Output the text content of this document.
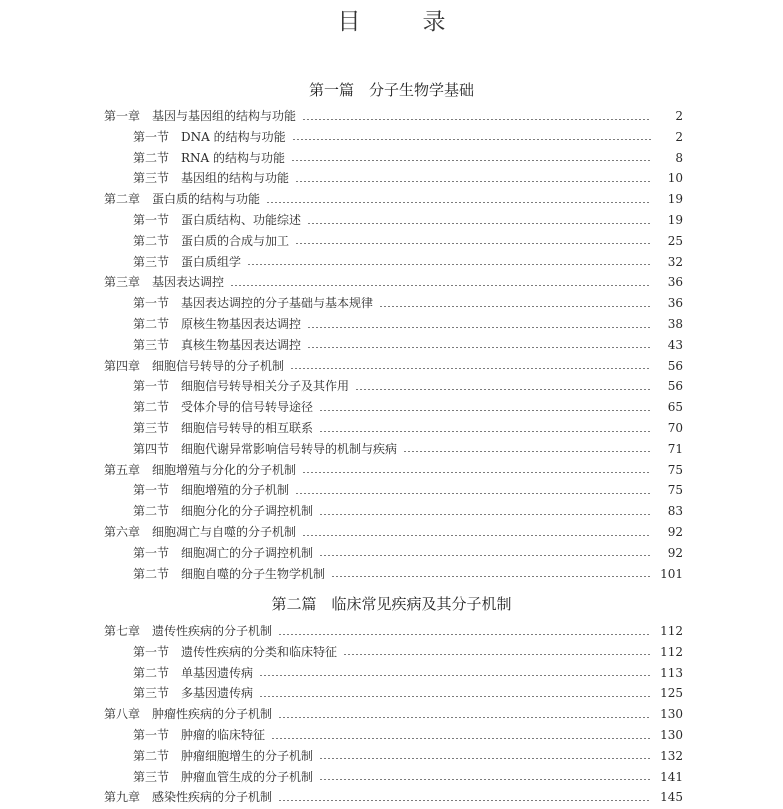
目	录
第一篇　分子生物学基础
第一章　基因与基因组的结构与功能	2
第一节　DNA 的结构与功能	2
第二节　RNA 的结构与功能	8
第三节　基因组的结构与功能	10
第二章　蛋白质的结构与功能	19
第一节　蛋白质结构、功能综述	19
第二节　蛋白质的合成与加工	25
第三节　蛋白质组学	32
第三章　基因表达调控	36
第一节　基因表达调控的分子基础与基本规律	36
第二节　原核生物基因表达调控	38
第三节　真核生物基因表达调控	43
第四章　细胞信号转导的分子机制	56
第一节　细胞信号转导相关分子及其作用	56
第二节　受体介导的信号转导途径	65
第三节　细胞信号转导的相互联系	70
第四节　细胞代谢异常影响信号转导的机制与疾病	71
第五章　细胞增殖与分化的分子机制	75
第一节　细胞增殖的分子机制	75
第二节　细胞分化的分子调控机制	83
第六章　细胞凋亡与自噬的分子机制	92
第一节　细胞凋亡的分子调控机制	92
第二节　细胞自噬的分子生物学机制	101
第二篇　临床常见疾病及其分子机制
第七章　遗传性疾病的分子机制	112
第一节　遗传性疾病的分类和临床特征	112
第二节　单基因遗传病	113
第三节　多基因遗传病	125
第八章　肿瘤性疾病的分子机制	130
第一节　肿瘤的临床特征	130
第二节　肿瘤细胞增生的分子机制	132
第三节　肿瘤血管生成的分子机制	141
第九章　感染性疾病的分子机制	145
